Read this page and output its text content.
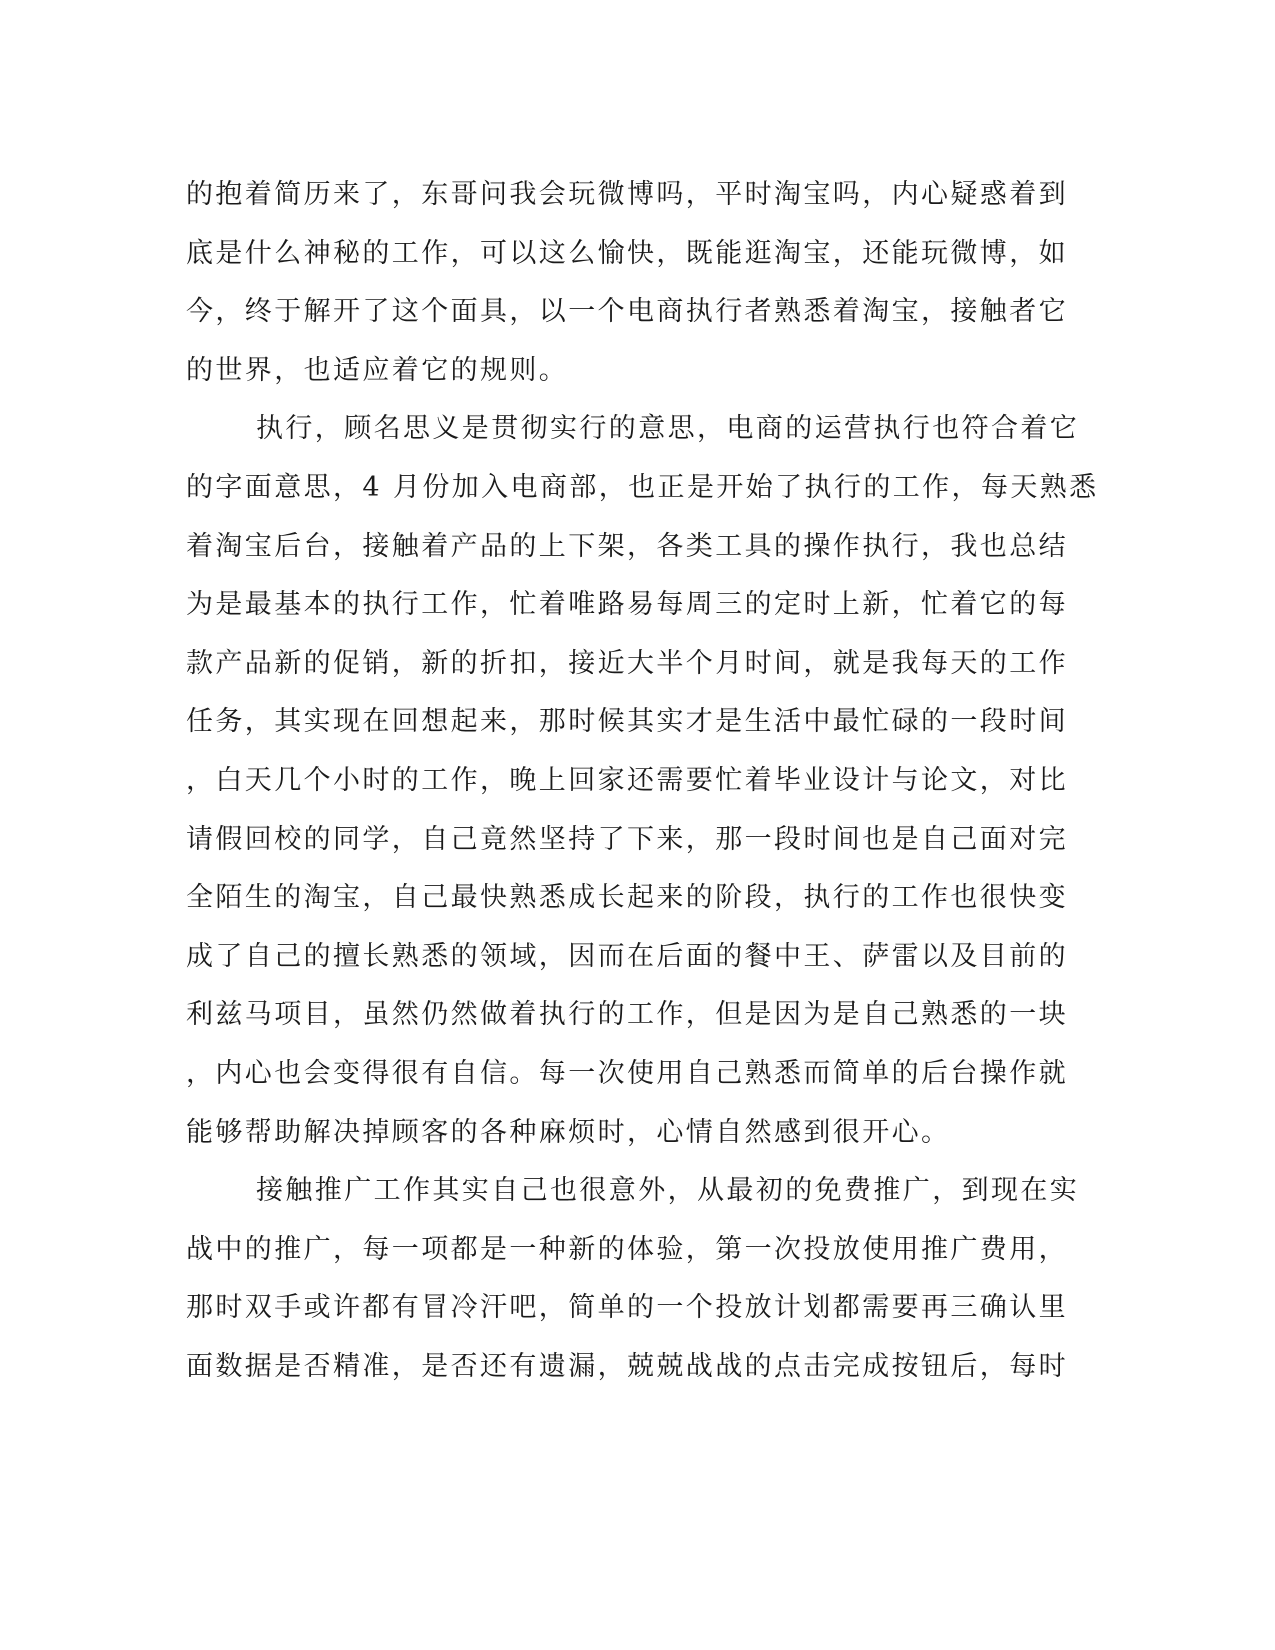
的抱着简历来了，东哥问我会玩微博吗，平时淘宝吗，内心疑惑着到
底是什么神秘的工作，可以这么愉快，既能逛淘宝，还能玩微博，如
今，终于解开了这个面具，以一个电商执行者熟悉着淘宝，接触者它
的世界，也适应着它的规则。
执行，顾名思义是贯彻实行的意思，电商的运营执行也符合着它
的字面意思，4 月份加入电商部，也正是开始了执行的工作，每天熟悉
着淘宝后台，接触着产品的上下架，各类工具的操作执行，我也总结
为是最基本的执行工作，忙着唯路易每周三的定时上新，忙着它的每
款产品新的促销，新的折扣，接近大半个月时间，就是我每天的工作
任务，其实现在回想起来，那时候其实才是生活中最忙碌的一段时间
，白天几个小时的工作，晚上回家还需要忙着毕业设计与论文，对比
请假回校的同学，自己竟然坚持了下来，那一段时间也是自己面对完
全陌生的淘宝，自己最快熟悉成长起来的阶段，执行的工作也很快变
成了自己的擅长熟悉的领域，因而在后面的餐中王、萨雷以及目前的
利兹马项目，虽然仍然做着执行的工作，但是因为是自己熟悉的一块
，内心也会变得很有自信。每一次使用自己熟悉而简单的后台操作就
能够帮助解决掉顾客的各种麻烦时，心情自然感到很开心。
接触推广工作其实自己也很意外，从最初的免费推广，到现在实
战中的推广，每一项都是一种新的体验，第一次投放使用推广费用，
那时双手或许都有冒冷汗吧，简单的一个投放计划都需要再三确认里
面数据是否精准，是否还有遗漏，兢兢战战的点击完成按钮后，每时
